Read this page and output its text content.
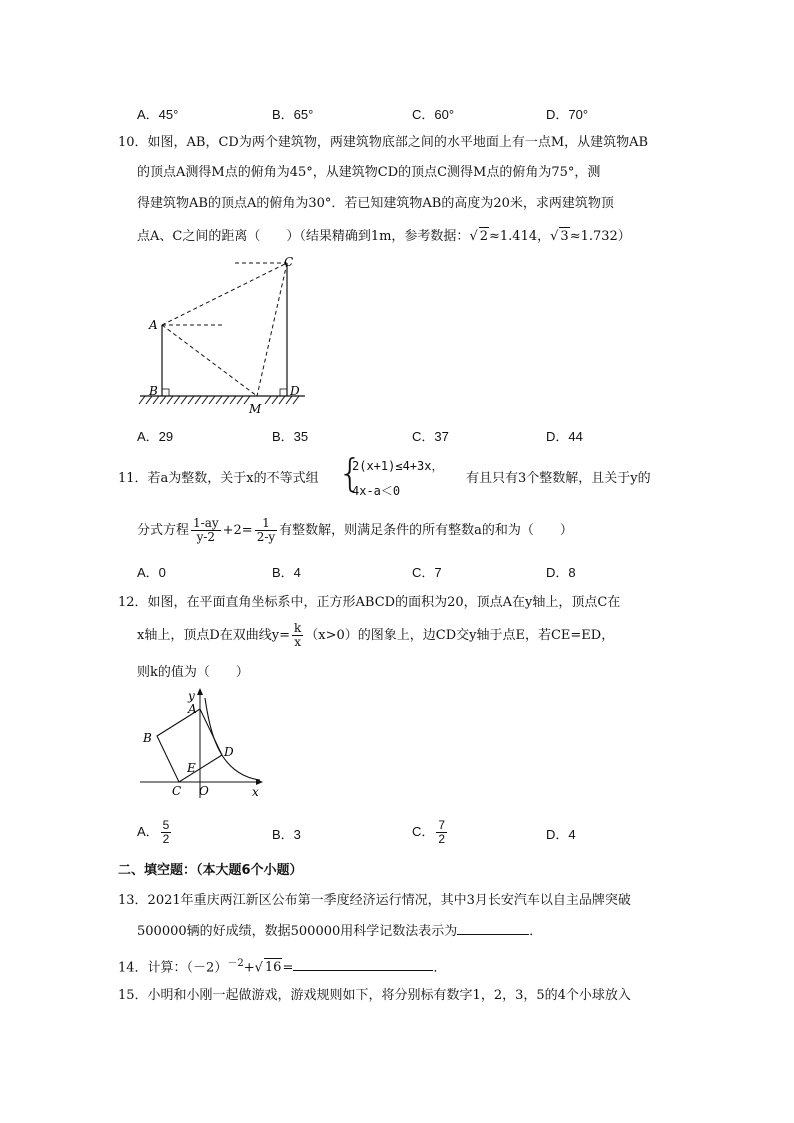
A．45°	B．65°	C．60°	D．70°
10．如图，AB，CD为两个建筑物，两建筑物底部之间的水平地面上有一点M，从建筑物AB
的顶点A测得M点的俯角为45°，从建筑物CD的顶点C测得M点的俯角为75°，测
得建筑物AB的顶点A的俯角为30°．若已知建筑物AB的高度为20米，求两建筑物顶
点A、C之间的距离（　　）（结果精确到1m，参考数据：√ 2≈1.414，√ 3≈1.732）
C
A
B	D
M
A．29	B．35	C．37	D．44
11．若a为整数，关于x的不等式组 {
2(x+1)≤4+3x，
4x-a＜0
有且只有3个整数解，且关于y的
分式方程 $\frac{1-ay}{y-2} +2= \frac{1}{2-y}$ 有整数解，则满足条件的所有整数a的和为（　　）
A．0	B．4	C．7	D．8
12．如图，在平面直角坐标系中，正方形ABCD的面积为20，顶点A在y轴上，顶点C在
x轴上，顶点D在双曲线$y= \frac{k}{x} (x>0)$的图象上，边CD交y轴于点E，若CE=ED，
则k的值为（　　）
y
A
B
D
E
C O	x
A． $\frac{5}{2}$	B．3	C． $\frac{7}{2}$	D．4
二、填空题：（本大题6个小题）
13．2021年重庆两江新区公布第一季度经济运行情况，其中3月长安汽车以自主品牌突破
500000辆的好成绩，数据500000用科学记数法表示为	．
14．计算：$(-2)^{-2}+√$ 16=	．
15．小明和小刚一起做游戏，游戏规则如下，将分别标有数字1，2，3，5的4个小球放入
